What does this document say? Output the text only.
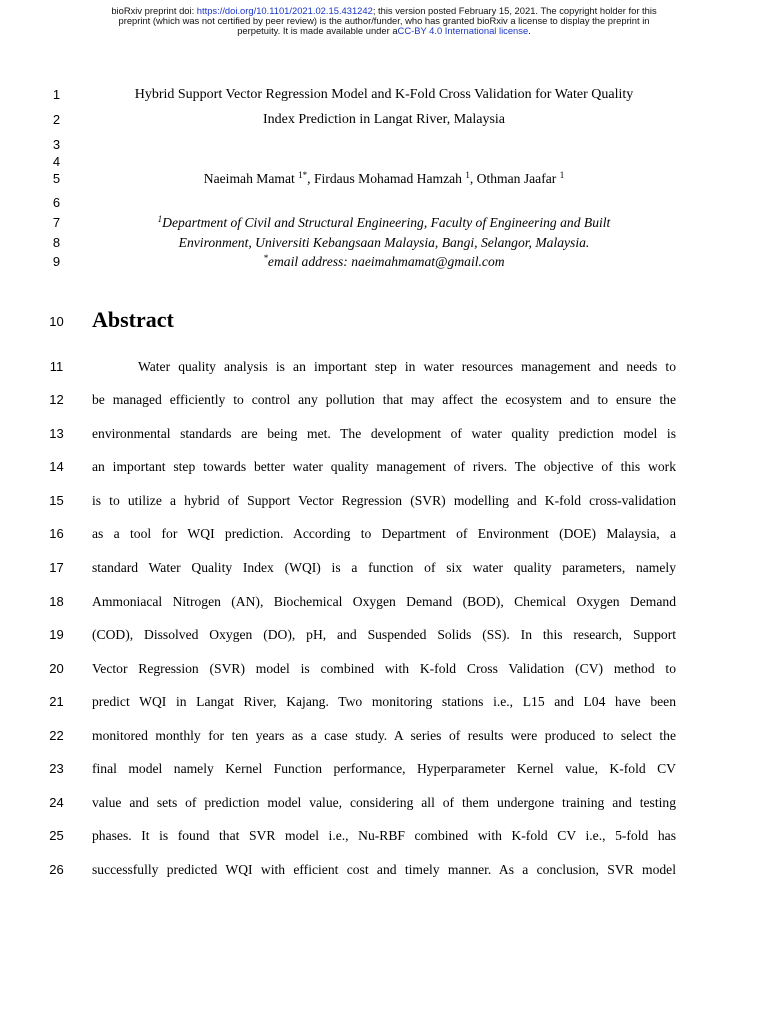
bioRxiv preprint doi: https://doi.org/10.1101/2021.02.15.431242; this version posted February 15, 2021. The copyright holder for this
preprint (which was not certified by peer review) is the author/funder, who has granted bioRxiv a license to display the preprint in
perpetuity. It is made available under aCC-BY 4.0 International license.
1
2
3
4
5
6
7
8
9
10
11
12
13
14
15
16
17
18
19
20
21
22
23
24
25
26
Hybrid Support Vector Regression Model and K-Fold Cross Validation for Water Quality
Index Prediction in Langat River, Malaysia
Naeimah Mamat $^{1*}$, Firdaus Mohamad Hamzah $^1$, Othman Jaafar $^1$
$^1$Department of Civil and Structural Engineering, Faculty of Engineering and Built
Environment, Universiti Kebangsaan Malaysia, Bangi, Selangor, Malaysia.
*email address: naeimahmamat@gmail.com
Abstract
Water quality analysis is an important step in water resources management and needs to
be managed efficiently to control any pollution that may affect the ecosystem and to ensure the
environmental standards are being met. The development of water quality prediction model is
an important step towards better water quality management of rivers. The objective of this work
is to utilize a hybrid of Support Vector Regression (SVR) modelling and K-fold cross-validation
as a tool for WQI prediction. According to Department of Environment (DOE) Malaysia, a
standard Water Quality Index (WQI) is a function of six water quality parameters, namely
Ammoniacal Nitrogen (AN), Biochemical Oxygen Demand (BOD), Chemical Oxygen Demand
(COD), Dissolved Oxygen (DO), pH, and Suspended Solids (SS). In this research, Support
Vector Regression (SVR) model is combined with K-fold Cross Validation (CV) method to
predict WQI in Langat River, Kajang. Two monitoring stations i.e., L15 and L04 have been
monitored monthly for ten years as a case study. A series of results were produced to select the
final model namely Kernel Function performance, Hyperparameter Kernel value, K-fold CV
value and sets of prediction model value, considering all of them undergone training and testing
phases. It is found that SVR model i.e., Nu-RBF combined with K-fold CV i.e., 5-fold has
successfully predicted WQI with efficient cost and timely manner. As a conclusion, SVR model
